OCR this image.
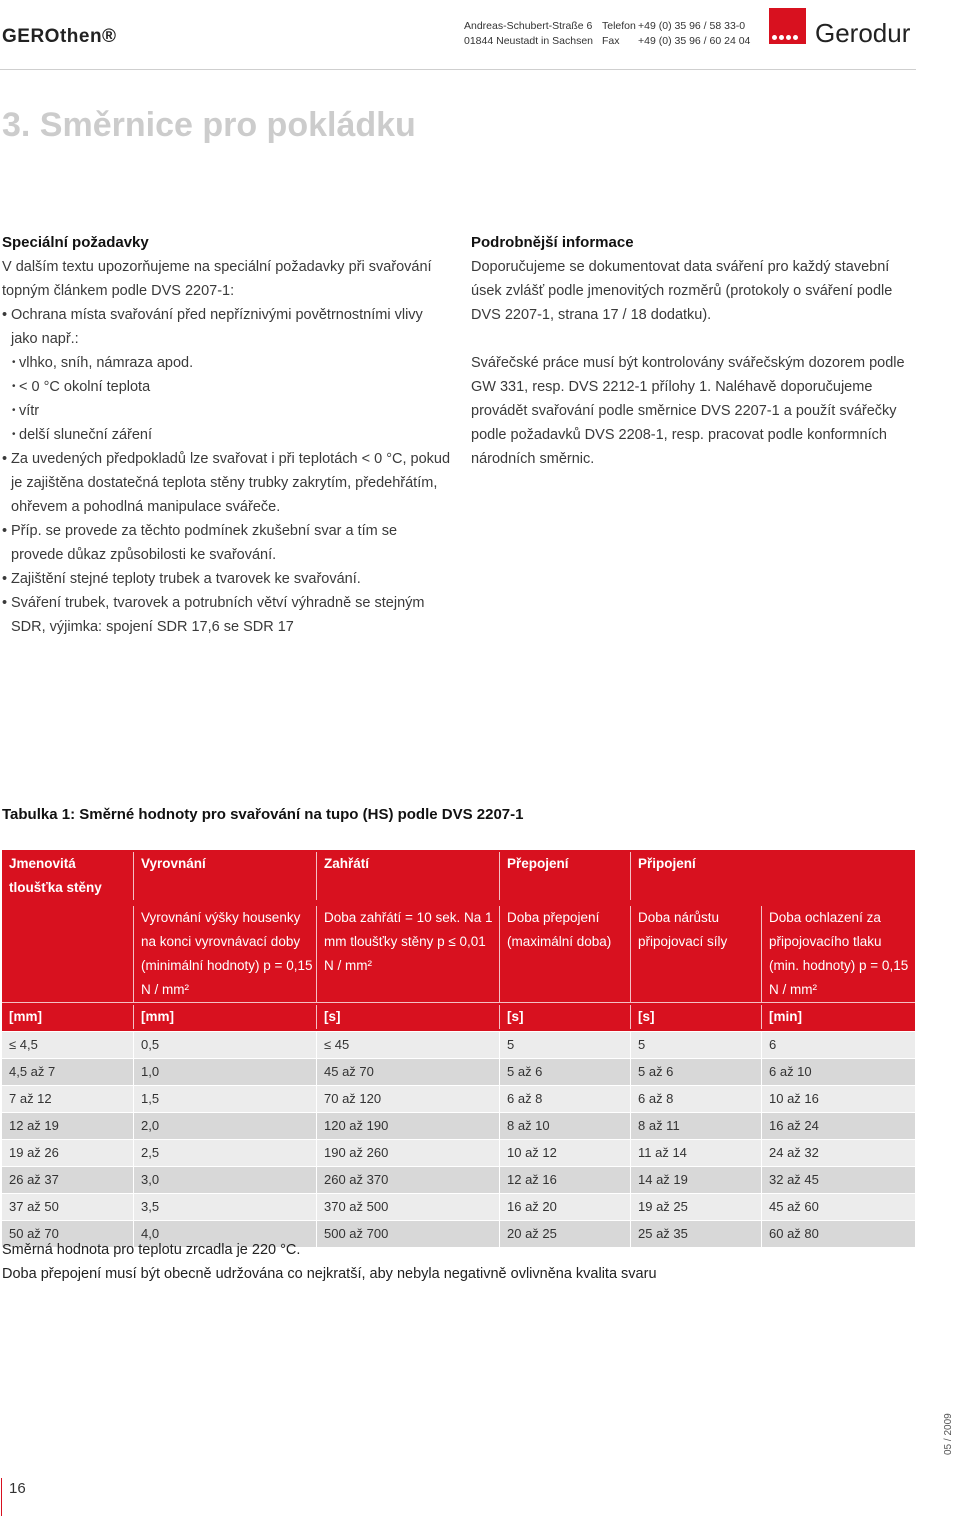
GEROthen®	Andreas-Schubert-Straße 6
01844 Neustadt in Sachsen
Telefon
Fax
+49 (0) 35 96 / 58 33-0
+49 (0) 35 96 / 60 24 04 Gerodur
3. Směrnice pro pokládku
Speciální požadavky
V dalším textu upozorňujeme na speciální požadavky při svařování topným článkem podle DVS 2207-1:
• Ochrana místa svařování před nepříznivými povětrnostními vlivy jako např.:
• vlhko, sníh, námraza apod.
• < 0 °C okolní teplota
• vítr
• delší sluneční záření
• Za uvedených předpokladů lze svařovat i při teplotách < 0 °C, pokud je zajištěna dostatečná teplota stěny trubky zakrytím, předehřátím, ohřevem a pohodlná manipulace svářeče.
• Příp. se provede za těchto podmínek zkušební svar a tím se provede důkaz způsobilosti ke svařování.
• Zajištění stejné teploty trubek a tvarovek ke svařování.
• Sváření trubek, tvarovek a potrubních větví výhradně se stejným SDR, výjimka: spojení SDR 17,6 se SDR 17
Podrobnější informace
Doporučujeme se dokumentovat data sváření pro každý stavební úsek zvlášť podle jmenovitých rozměrů (protokoly o sváření podle DVS 2207-1, strana 17 / 18 dodatku).
Svářečské práce musí být kontrolovány svářečským dozorem podle GW 331, resp. DVS 2212-1 přílohy 1. Naléhavě doporučujeme provádět svařování podle směrnice DVS 2207-1 a použít svářečky podle požadavků DVS 2208-1, resp. pracovat podle konformních národních směrnic.
Tabulka 1: Směrné hodnoty pro svařování na tupo (HS) podle DVS 2207-1
Jmenovitá tloušťka stěny
Vyrovnání	Zahřátí	Přepojení	Připojení
Vyrovnání výšky housenky na konci vyrovnávací doby (minimální hodnoty) p = 0,15 N / mm²
Doba zahřátí = 10 sek. Na 1 mm tloušťky stěny p ≤ 0,01 N / mm²
Doba přepojení (maximální doba)
Doba nárůstu připojovací síly
Doba ochlazení za připojovacího tlaku (min. hodnoty) p = 0,15 N / mm²
[mm]	[mm]	[s]	[s]	[s]	[min]
≤ 4,5	0,5	≤ 45	5	5	6
4,5 až 7	1,0	45 až 70	5 až 6	5 až 6	6 až 10
7 až 12	1,5	70 až 120	6 až 8	6 až 8	10 až 16
12 až 19	2,0	120 až 190	8 až 10	8 až 11	16 až 24
19 až 26	2,5	190 až 260	10 až 12	11 až 14	24 až 32
26 až 37	3,0	260 až 370	12 až 16	14 až 19	32 až 45
37 až 50	3,5	370 až 500	16 až 20	19 až 25	45 až 60
50 až 70	4,0	500 až 700	20 až 25	25 až 35	60 až 80
Směrná hodnota pro teplotu zrcadla je 220 °C.
Doba přepojení musí být obecně udržována co nejkratší, aby nebyla negativně ovlivněna kvalita svaru
16
05 / 2009
